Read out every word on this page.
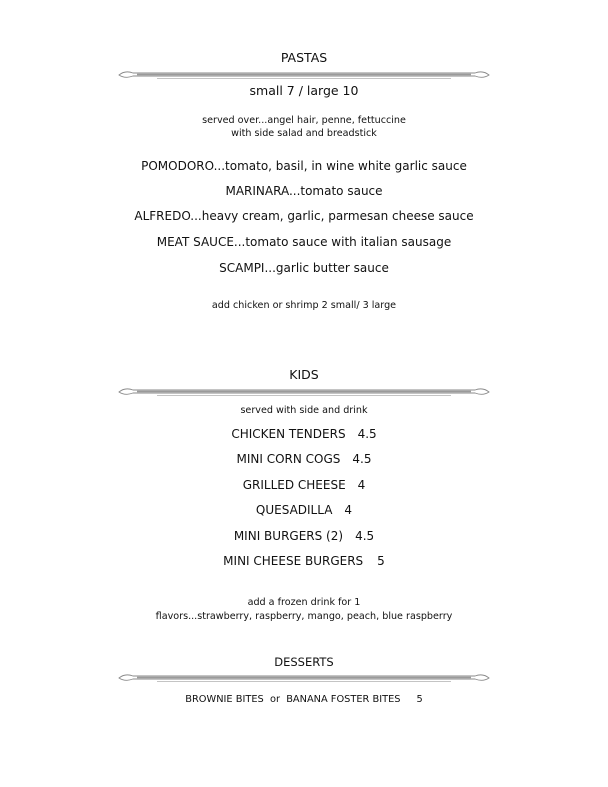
PASTAS
small 7 / large 10
served over...angel hair, penne, fettuccine
with side salad and breadstick
POMODORO...tomato, basil, in wine white garlic sauce
MARINARA...tomato sauce
ALFREDO...heavy cream, garlic, parmesan cheese sauce
MEAT SAUCE...tomato sauce with italian sausage
SCAMPI...garlic butter sauce
add chicken or shrimp 2 small/ 3 large
KIDS
served with side and drink
CHICKEN TENDERS 4.5
MINI CORN COGS 4.5
GRILLED CHEESE 4
QUESADILLA 4
MINI BURGERS (2) 4.5
MINI CHEESE BURGERS 5
add a frozen drink for 1
flavors...strawberry, raspberry, mango, peach, blue raspberry
DESSERTS
BROWNIE BITES  or  BANANA FOSTER BITES 5
